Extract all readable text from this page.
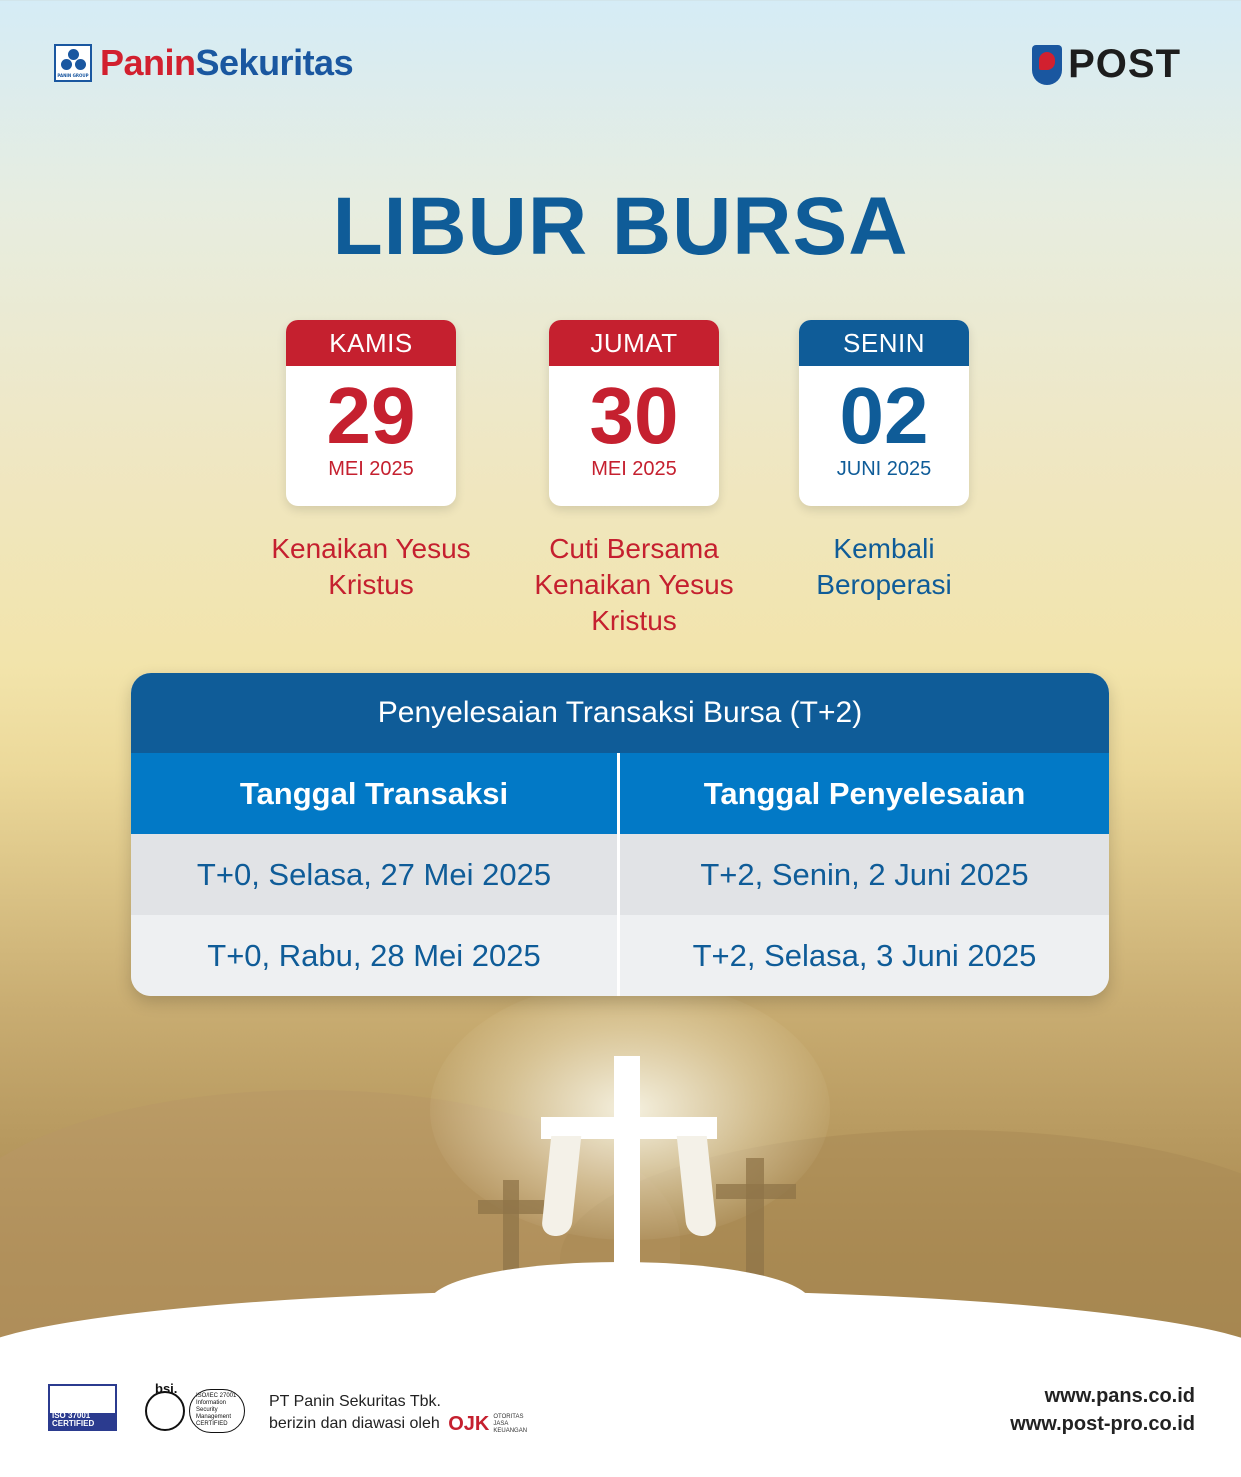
PANIN GROUP PaninSekuritas	POST
LIBUR BURSA
KAMIS
29
MEI 2025
JUMAT
30
MEI 2025
SENIN
02
JUNI 2025
Kenaikan Yesus Kristus
Cuti Bersama Kenaikan Yesus Kristus
Kembali Beroperasi
Penyelesaian Transaksi Bursa (T+2)
Tanggal Transaksi	Tanggal Penyelesaian
T+0, Selasa, 27 Mei 2025	T+2, Senin, 2 Juni 2025
T+0, Rabu, 28 Mei 2025	T+2, Selasa, 3 Juni 2025
ISO 37001
CERTIFIED
bsi.	ISO/IEC 27001 Information Security Management CERTIFIED
PT Panin Sekuritas Tbk.
berizin dan diawasi oleh OJK OTORITAS JASA KEUANGAN
www.pans.co.id
www.post-pro.co.id
